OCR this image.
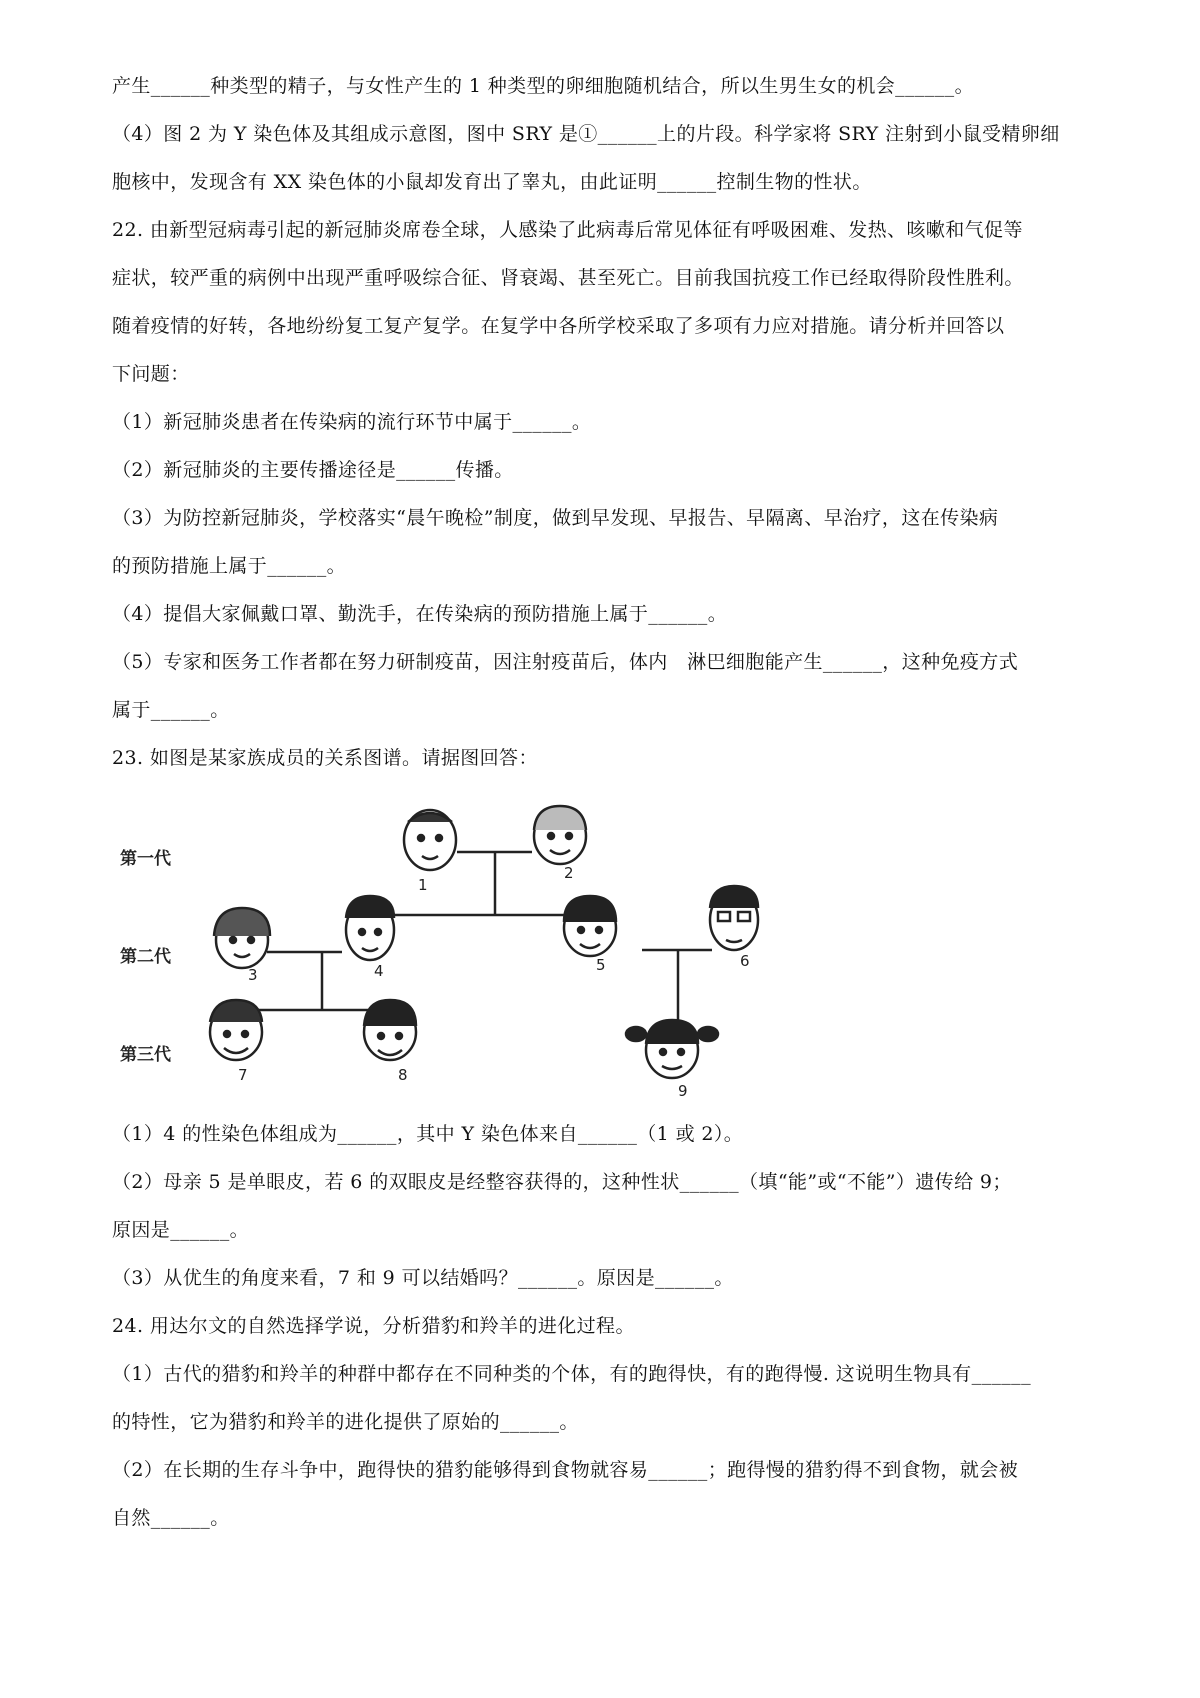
产生______种类型的精子，与女性产生的 1 种类型的卵细胞随机结合，所以生男生女的机会______。
（4）图 2 为 Y 染色体及其组成示意图，图中 SRY 是①______上的片段。科学家将 SRY 注射到小鼠受精卵细
胞核中，发现含有 XX 染色体的小鼠却发育出了睾丸，由此证明______控制生物的性状。
22. 由新型冠病毒引起的新冠肺炎席卷全球，人感染了此病毒后常见体征有呼吸困难、发热、咳嗽和气促等
症状，较严重的病例中出现严重呼吸综合征、肾衰竭、甚至死亡。目前我国抗疫工作已经取得阶段性胜利。
随着疫情的好转，各地纷纷复工复产复学。在复学中各所学校采取了多项有力应对措施。请分析并回答以
下问题：
（1）新冠肺炎患者在传染病的流行环节中属于______。
（2）新冠肺炎的主要传播途径是______传播。
（3）为防控新冠肺炎，学校落实“晨午晚检”制度，做到早发现、早报告、早隔离、早治疗，这在传染病
的预防措施上属于______。
（4）提倡大家佩戴口罩、勤洗手，在传染病的预防措施上属于______。
（5）专家和医务工作者都在努力研制疫苗，因注射疫苗后，体内　淋巴细胞能产生______，这种免疫方式
属于______。
23. 如图是某家族成员的关系图谱。请据图回答：
（1）4 的性染色体组成为______，其中 Y 染色体来自______（1 或 2）。
（2）母亲 5 是单眼皮，若 6 的双眼皮是经整容获得的，这种性状______（填“能”或“不能”）遗传给 9；
原因是______。
（3）从优生的角度来看，7 和 9 可以结婚吗？______。原因是______。
24. 用达尔文的自然选择学说，分析猎豹和羚羊的进化过程。
（1）古代的猎豹和羚羊的种群中都存在不同种类的个体，有的跑得快，有的跑得慢. 这说明生物具有______
的特性，它为猎豹和羚羊的进化提供了原始的______。
（2）在长期的生存斗争中，跑得快的猎豹能够得到食物就容易______；跑得慢的猎豹得不到食物，就会被
自然______。
第一代
第二代
第三代
1
2
3	4	5	6
7	8
9
